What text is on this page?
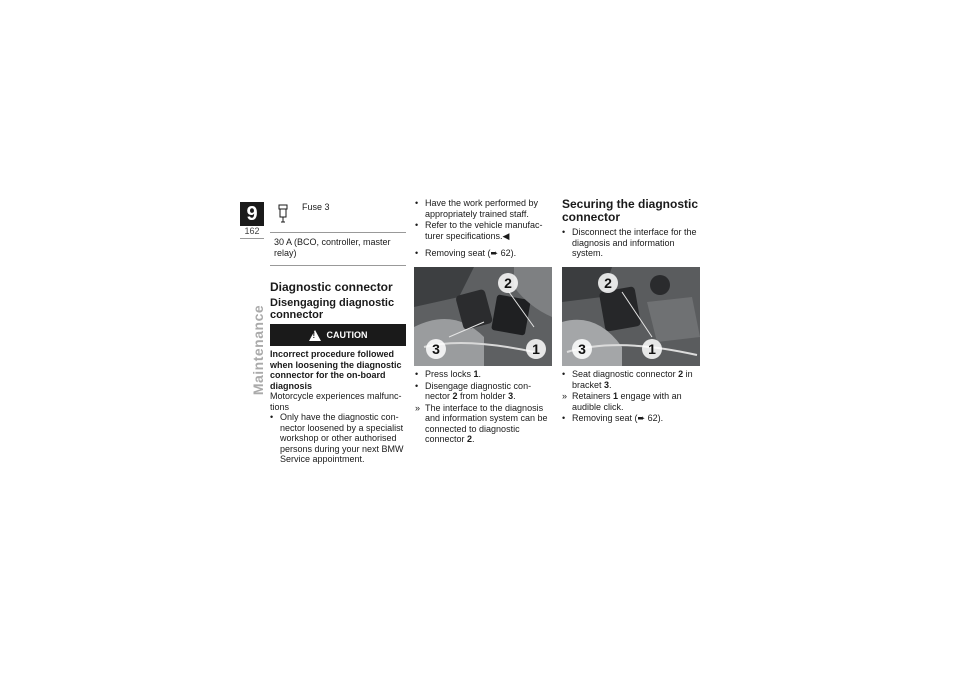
9
162
Maintenance
Fuse 3
30 A (BCO, controller, master relay)
Diagnostic connector
Disengaging diagnostic connector
!
CAUTION
Incorrect procedure followed when loosening the diagnostic connector for the on-board diagnosis
Motorcycle experiences malfunc-tions
• Only have the diagnostic con-nector loosened by a specialist workshop or other authorised persons during your next BMW Service appointment.
• Have the work performed by appropriately trained staff.
• Refer to the vehicle manufac-turer specifications.◀
• Removing seat (➨ 62).
2
3	1
• Press locks 1.
• Disengage diagnostic con-nector 2 from holder 3.
» The interface to the diagnosis and information system can be connected to diagnostic connector 2.
Securing the diagnostic connector
• Disconnect the interface for the diagnosis and information system.
2
3	1
• Seat diagnostic connector 2 in bracket 3.
» Retainers 1 engage with an audible click.
• Removing seat (➨ 62).
